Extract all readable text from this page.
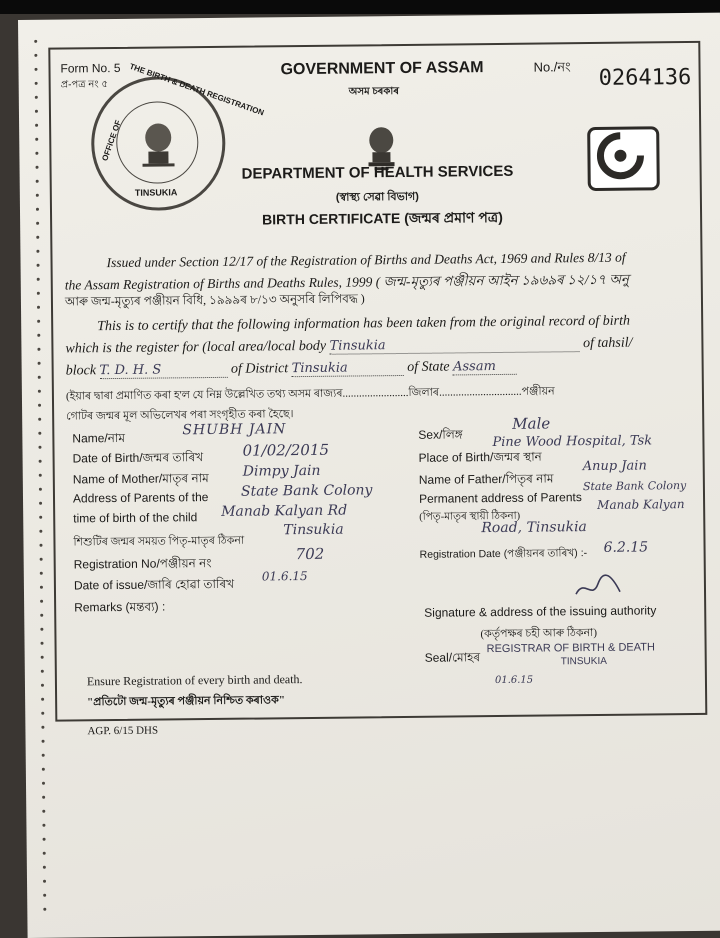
Form No. 5
প্ৰ-পত্ৰ নং ৫
GOVERNMENT OF ASSAM
অসম চৰকাৰ
No./নং 0264136
THE BIRTH & DEATH REGISTRATION
OFFICE OF
TINSUKIA
DEPARTMENT OF HEALTH SERVICES
(স্বাস্থ্য সেৱা বিভাগ)
BIRTH CERTIFICATE (জন্মৰ প্ৰমাণ পত্ৰ)
Issued under Section 12/17 of the Registration of Births and Deaths Act, 1969 and Rules 8/13 of
the Assam Registration of Births and Deaths Rules, 1999 ( জন্ম-মৃত্যুৰ পঞ্জীয়ন আইন ১৯৬৯ৰ ১২/১৭ অনু
আৰু জন্ম-মৃত্যুৰ পঞ্জীয়ন বিধি, ১৯৯৯ৰ ৮/১৩ অনুসৰি লিপিবদ্ধ )
This is to certify that the following information has been taken from the original record of birth
which is the register for (local area/local body Tinsukia	of tahsil/
block T. D. H. S	of District Tinsukia	of State Assam
(ইয়াৰ দ্বাৰা প্ৰমাণিত কৰা হ'ল যে নিম্ন উল্লেখিত তথ্য অসম ৰাজ্যৰ........................জিলাৰ..............................পঞ্জীয়ন
গোটৰ জন্মৰ মূল অভিলেখৰ পৰা সংগৃহীত কৰা হৈছে।
Name/নাম	SHUBH JAIN
Date of Birth/জন্মৰ তাৰিখ	01/02/2015
Name of Mother/মাতৃৰ নাম Dimpy Jain
Address of Parents of the
time of birth of the child
State Bank Colony
Manab Kalyan Rd
Tinsukia
শিশুটিৰ জন্মৰ সময়ত পিতৃ-মাতৃৰ ঠিকনা
Registration No/পঞ্জীয়ন নং
702
Date of issue/জাৰি হোৱা তাৰিখ
01.6.15
Remarks (মন্তব্য) :
Sex/লিঙ্গ
Male
Place of Birth/জন্মৰ স্থান
Pine Wood Hospital, Tsk
Name of Father/পিতৃৰ নাম
Anup Jain
Permanent address of Parents
(পিতৃ-মাতৃৰ স্থায়ী ঠিকনা)
State Bank Colony
Manab Kalyan
Road, Tinsukia
Registration Date (পঞ্জীয়নৰ তাৰিখ) :- 6.2.15
Signature & address of the issuing authority
(কৰ্তৃপক্ষৰ চহী আৰু ঠিকনা)
Seal/মোহৰ
REGISTRAR OF BIRTH & DEATH
TINSUKIA
01.6.15
Ensure Registration of every birth and death.
"প্ৰতিটো জন্ম-মৃত্যুৰ পঞ্জীয়ন নিশ্চিত কৰাওক"
AGP. 6/15 DHS
